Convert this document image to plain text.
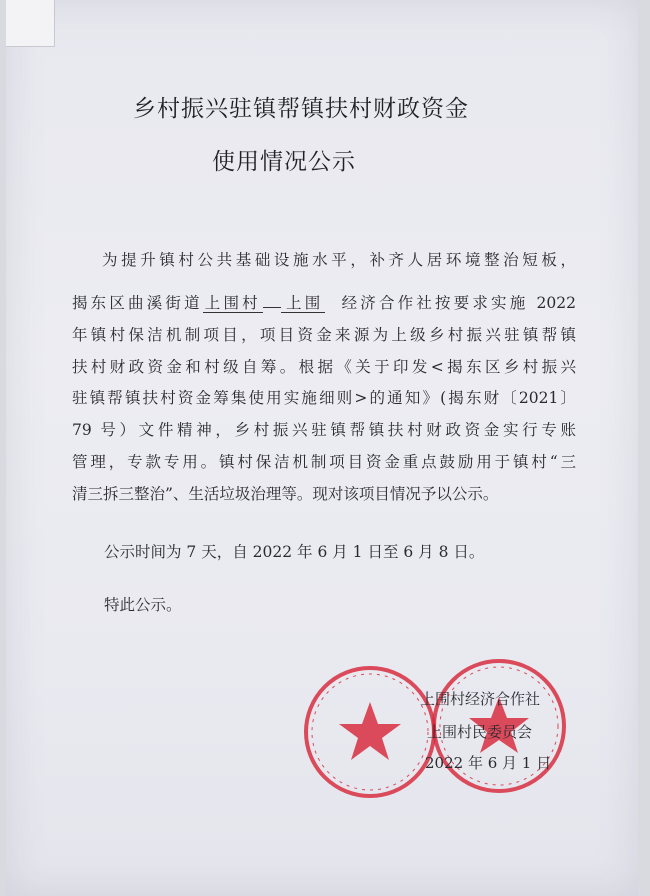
乡村振兴驻镇帮镇扶村财政资金
使用情况公示
为提升镇村公共基础设施水平，补齐人居环境整治短板，
揭东区曲溪街道 上围村 上围 经济合作社按要求实施 2022
年镇村保洁机制项目，项目资金来源为上级乡村振兴驻镇帮镇
扶村财政资金和村级自筹。根据《关于印发<揭东区乡村振兴
驻镇帮镇扶村资金筹集使用实施细则>的通知》(揭东财〔2021〕
79 号）文件精神，乡村振兴驻镇帮镇扶村财政资金实行专账
管理，专款专用。镇村保洁机制项目资金重点鼓励用于镇村“三
清三拆三整治”、生活垃圾治理等。现对该项目情况予以公示。
公示时间为 7 天，自 2022 年 6 月 1 日至 6 月 8 日。
特此公示。
上围村经济合作社
上围村民委员会
2022 年 6 月 1 日
